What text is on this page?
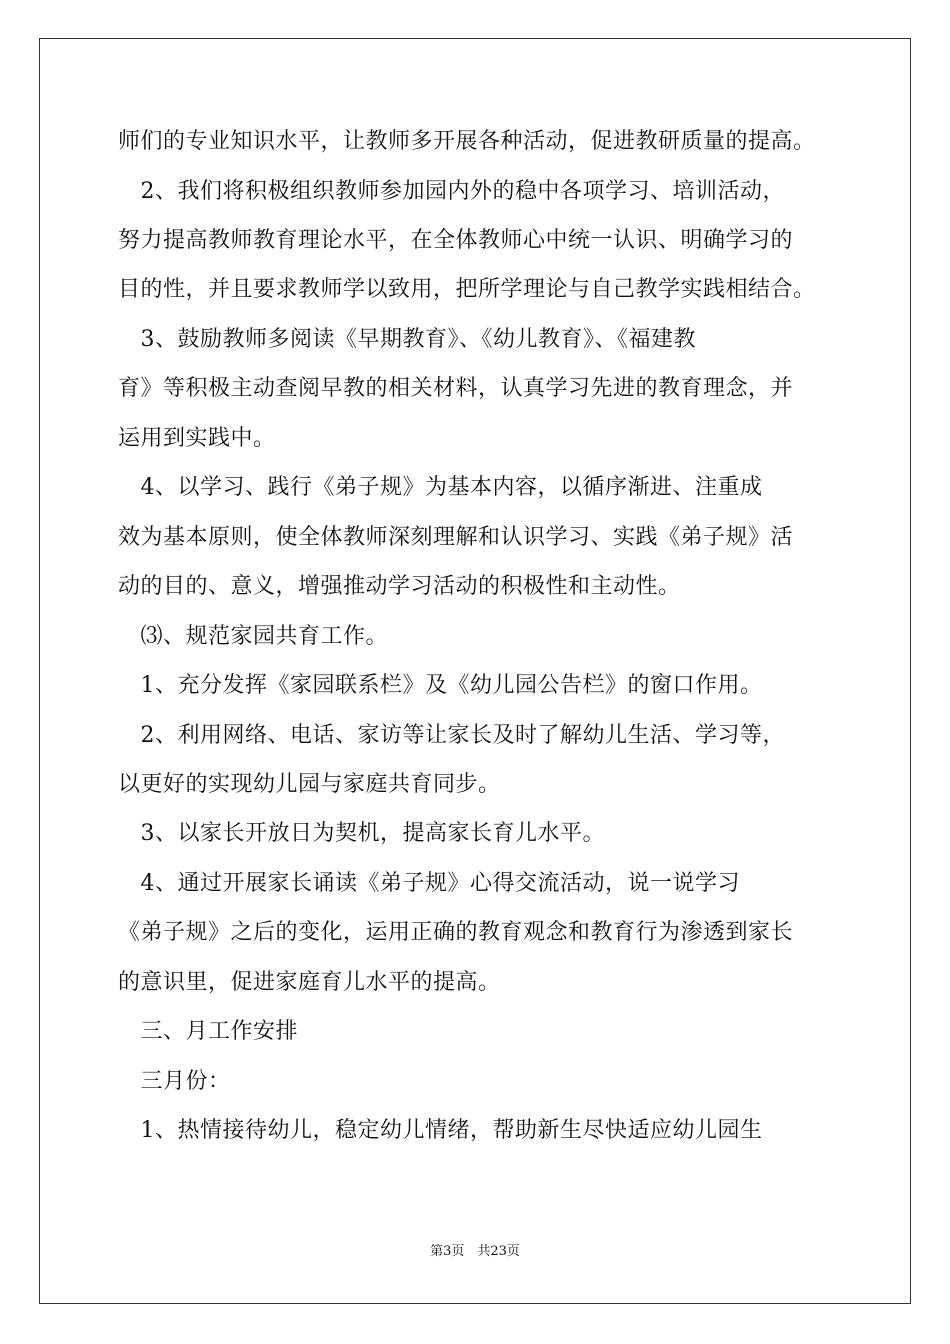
师们的专业知识水平，让教师多开展各种活动，促进教研质量的提高。
　2、我们将积极组织教师参加园内外的稳中各项学习、培训活动，
努力提高教师教育理论水平，在全体教师心中统一认识、明确学习的
目的性，并且要求教师学以致用，把所学理论与自己教学实践相结合。
　3、鼓励教师多阅读《早期教育》、《幼儿教育》、《福建教
育》等积极主动查阅早教的相关材料，认真学习先进的教育理念，并
运用到实践中。
　4、以学习、践行《弟子规》为基本内容，以循序渐进、注重成
效为基本原则，使全体教师深刻理解和认识学习、实践《弟子规》活
动的目的、意义，增强推动学习活动的积极性和主动性。
　⑶、规范家园共育工作。
　1、充分发挥《家园联系栏》及《幼儿园公告栏》的窗口作用。
　2、利用网络、电话、家访等让家长及时了解幼儿生活、学习等，
以更好的实现幼儿园与家庭共育同步。
　3、以家长开放日为契机，提高家长育儿水平。
　4、通过开展家长诵读《弟子规》心得交流活动，说一说学习
《弟子规》之后的变化，运用正确的教育观念和教育行为渗透到家长
的意识里，促进家庭育儿水平的提高。
　三、月工作安排
　三月份：
　1、热情接待幼儿，稳定幼儿情绪，帮助新生尽快适应幼儿园生
第3页　共23页
